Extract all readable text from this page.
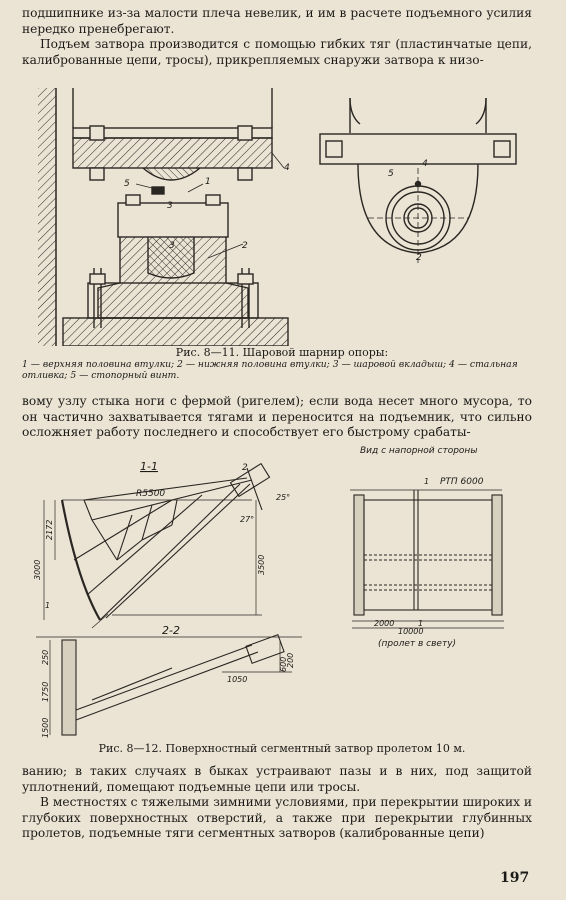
подшипнике из-за малости плеча невелик, и им в расчете подъемного усилия нередко пренебрегают.

Подъем затвора производится с помощью гибких тяг (пластинчатые цепи, калиброванные цепи, тросы), прикрепляемых снаружи затвора к низо-

4
5	1
3
3	2
4
5
2
Рис. 8—11. Шаровой шарнир опоры:
1 — верхняя половина втулки; 2 — нижняя половина втулки; 3 — шаровой вкладыш; 4 — стальная отливка; 5 — стопорный винт.

вому узлу стыка ноги с фермой (ригелем); если вода несет много мусора, то он частично захватывается тягами и переносится на подъемник, что сильно осложняет работу последнего и способствует его быстрому срабаты-

1-1
R5500
2
25°
27°
1
2172
3000	3500
2-2
1050
250
1750
1500
600
200
Вид с напорной стороны
РТП 6000
1
2000	1
10000
(пролет в свету)
Рис. 8—12. Поверхностный сегментный затвор пролетом 10 м.

ванию; в таких случаях в быках устраивают пазы и в них, под защитой уплотнений, помещают подъемные цепи или тросы.

В местностях с тяжелыми зимними условиями, при перекрытии широких и глубоких поверхностных отверстий, а также при перекрытии глубинных пролетов, подъемные тяги сегментных затворов (калиброванные цепи)

197
